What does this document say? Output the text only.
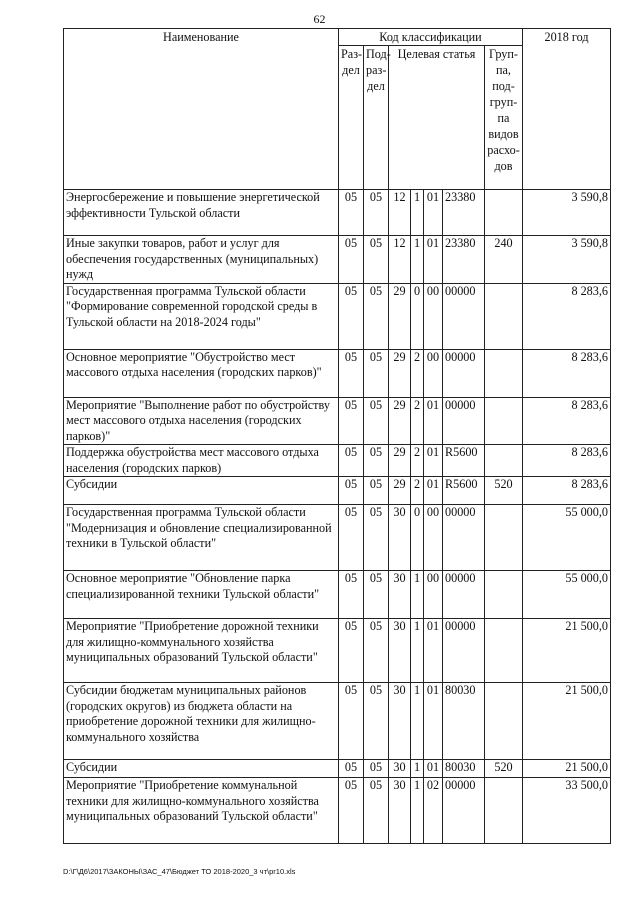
62
Наименование	Код классификации							2018 год
	Раз- дел	Под- раз- дел	Целевая статья				Груп- па, под- груп- па видов расхо- дов	
Энергосбережение и повышение энергетической эффективности Тульской области	05	05	12	1	01	23380		3 590,8
Иные закупки товаров, работ и услуг для обеспечения государственных (муниципальных) нужд	05	05	12	1	01	23380	240	3 590,8
Государственная программа Тульской области "Формирование современной городской среды в Тульской области на 2018-2024 годы"	05	05	29	0	00	00000		8 283,6
Основное мероприятие "Обустройство мест массового отдыха населения (городских парков)"	05	05	29	2	00	00000		8 283,6
Мероприятие "Выполнение работ по обустройству мест массового отдыха населения (городских парков)"	05	05	29	2	01	00000		8 283,6
Поддержка обустройства мест массового отдыха населения (городских парков)	05	05	29	2	01	R5600		8 283,6
Субсидии	05	05	29	2	01	R5600	520	8 283,6
Государственная программа Тульской области "Модернизация и обновление специализированной техники в Тульской области"	05	05	30	0	00	00000		55 000,0
Основное мероприятие "Обновление парка специализированной техники Тульской области"	05	05	30	1	00	00000		55 000,0
Мероприятие "Приобретение дорожной техники для жилищно-коммунального хозяйства муниципальных образований Тульской области"	05	05	30	1	01	00000		21 500,0
Субсидии бюджетам муниципальных районов (городских округов) из бюджета области на приобретение дорожной техники для жилищно-коммунального хозяйства	05	05	30	1	01	80030		21 500,0
Субсидии	05	05	30	1	01	80030	520	21 500,0
Мероприятие "Приобретение коммунальной техники для жилищно-коммунального хозяйства муниципальных образований Тульской области"	05	05	30	1	02	00000		33 500,0
D:\Г\Д6\2017\ЗАКОНЫ\ЗАС_47\Бюджет ТО 2018-2020_3 чт\pr10.xls
